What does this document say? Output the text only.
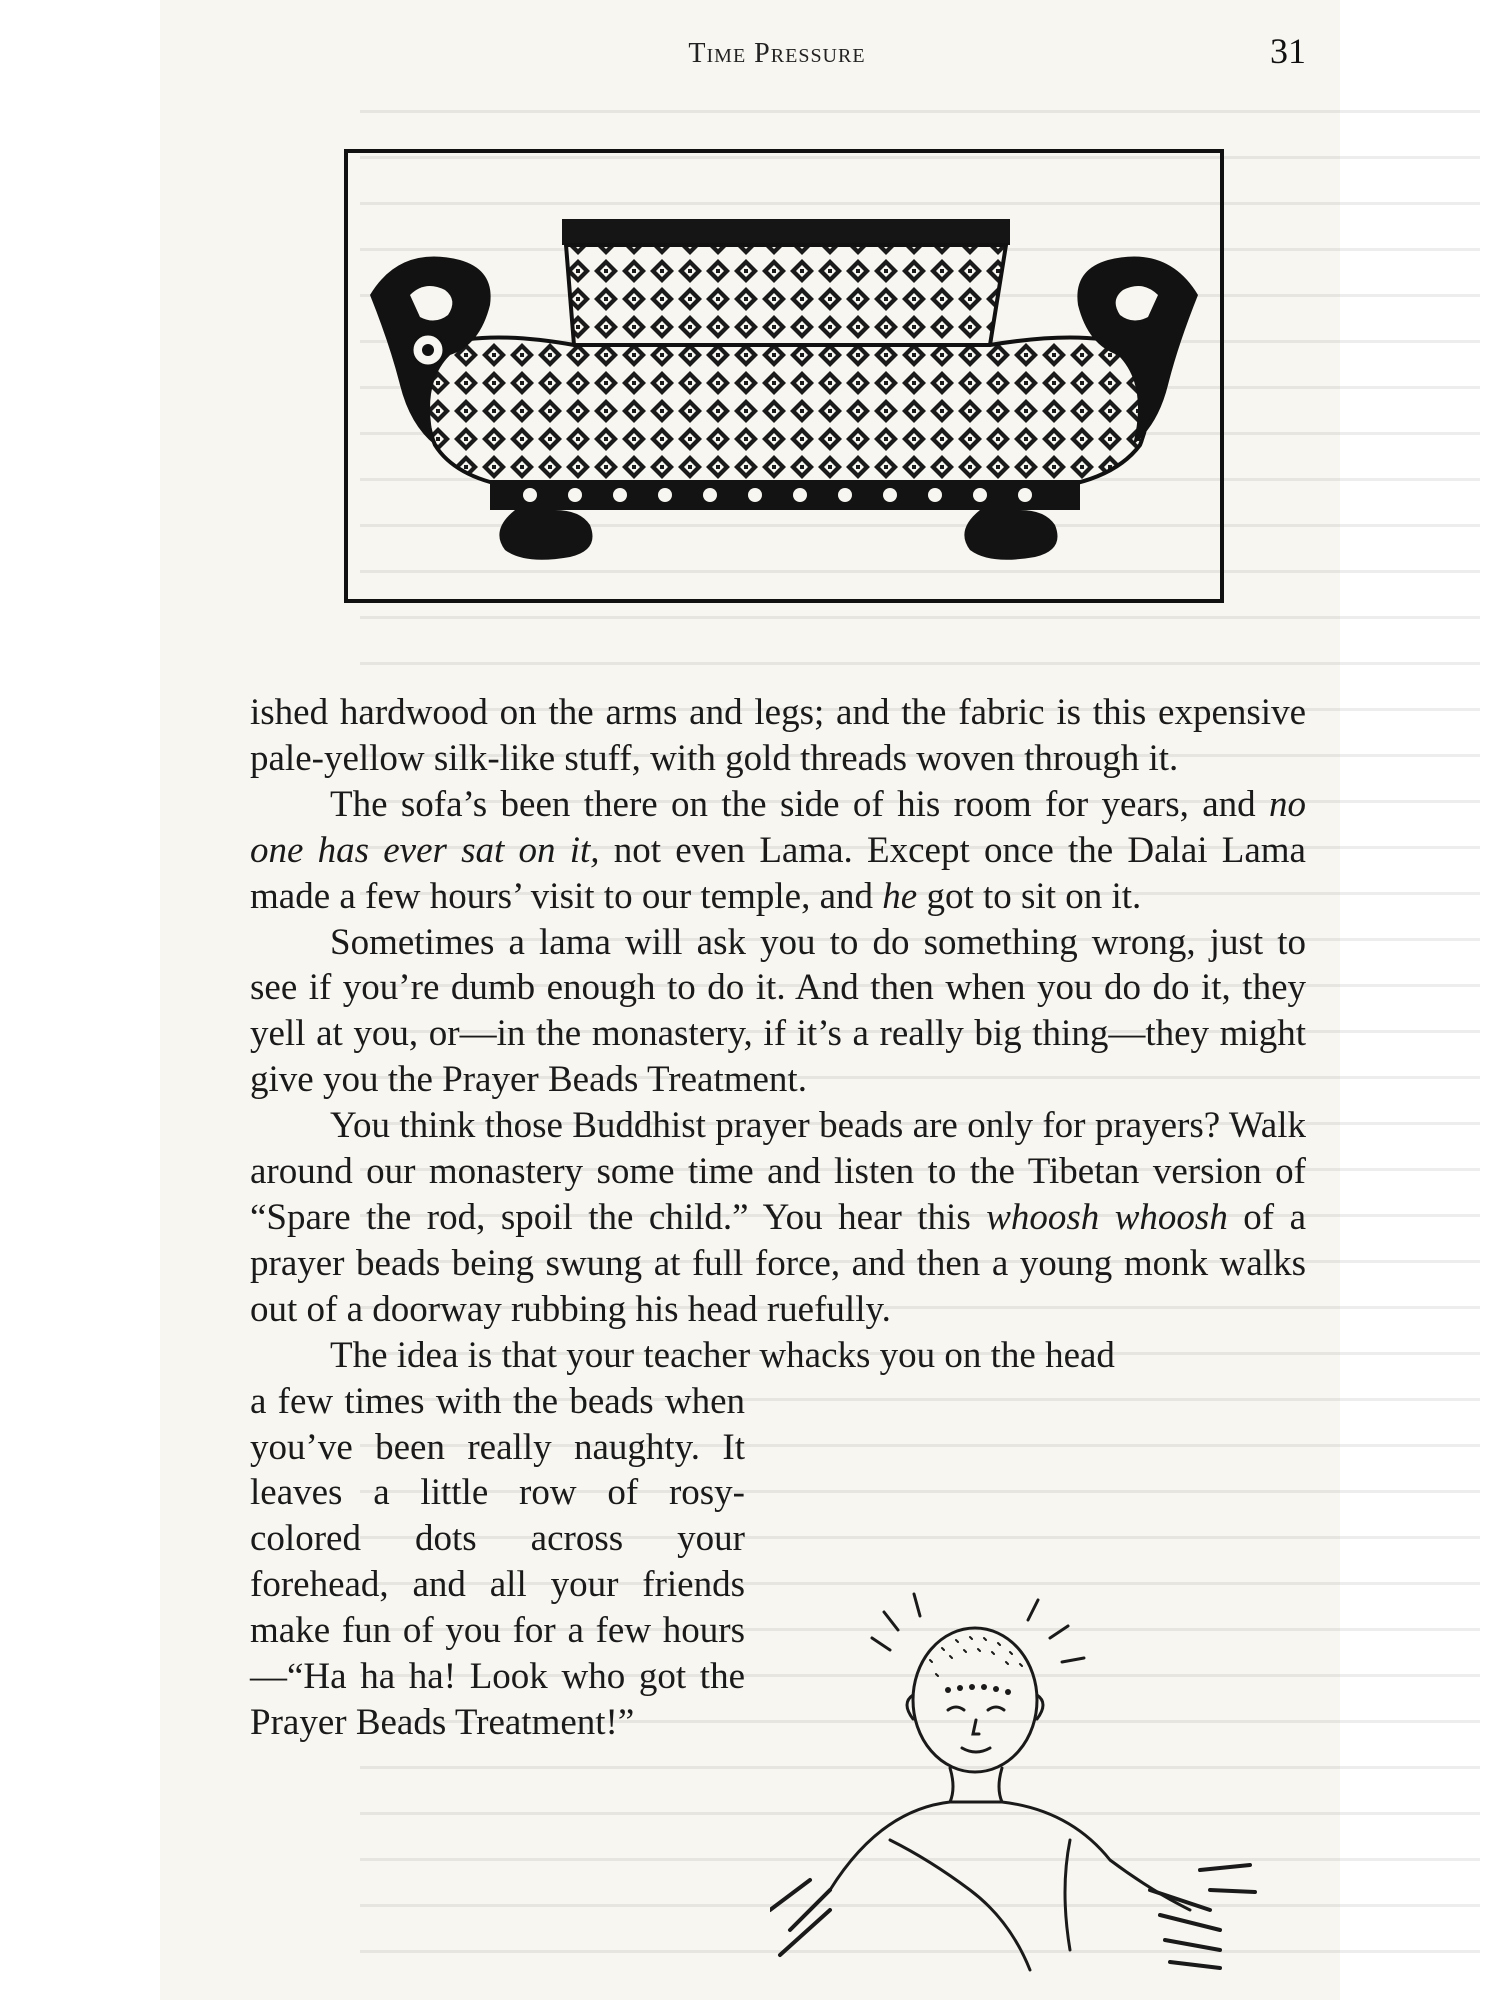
Time Pressure	31

ished hardwood on the arms and legs; and the fabric is this expensive pale-yellow silk-like stuff, with gold threads woven through it.

The sofa’s been there on the side of his room for years, and no one has ever sat on it, not even Lama. Except once the Dalai Lama made a few hours’ visit to our temple, and he got to sit on it.

Sometimes a lama will ask you to do something wrong, just to see if you’re dumb enough to do it. And then when you do do it, they yell at you, or—in the monastery, if it’s a really big thing—they might give you the Prayer Beads Treatment.

You think those Buddhist prayer beads are only for prayers? Walk around our monastery some time and listen to the Tibetan version of “Spare the rod, spoil the child.” You hear this whoosh whoosh of a prayer beads being swung at full force, and then a young monk walks out of a doorway rubbing his head ruefully.

The idea is that your teacher whacks you on the head

a few times with the beads when you’ve been really naughty. It leaves a little row of rosy-colored dots across your forehead, and all your friends make fun of you for a few hours—“Ha ha ha! Look who got the Prayer Beads Treatment!”
